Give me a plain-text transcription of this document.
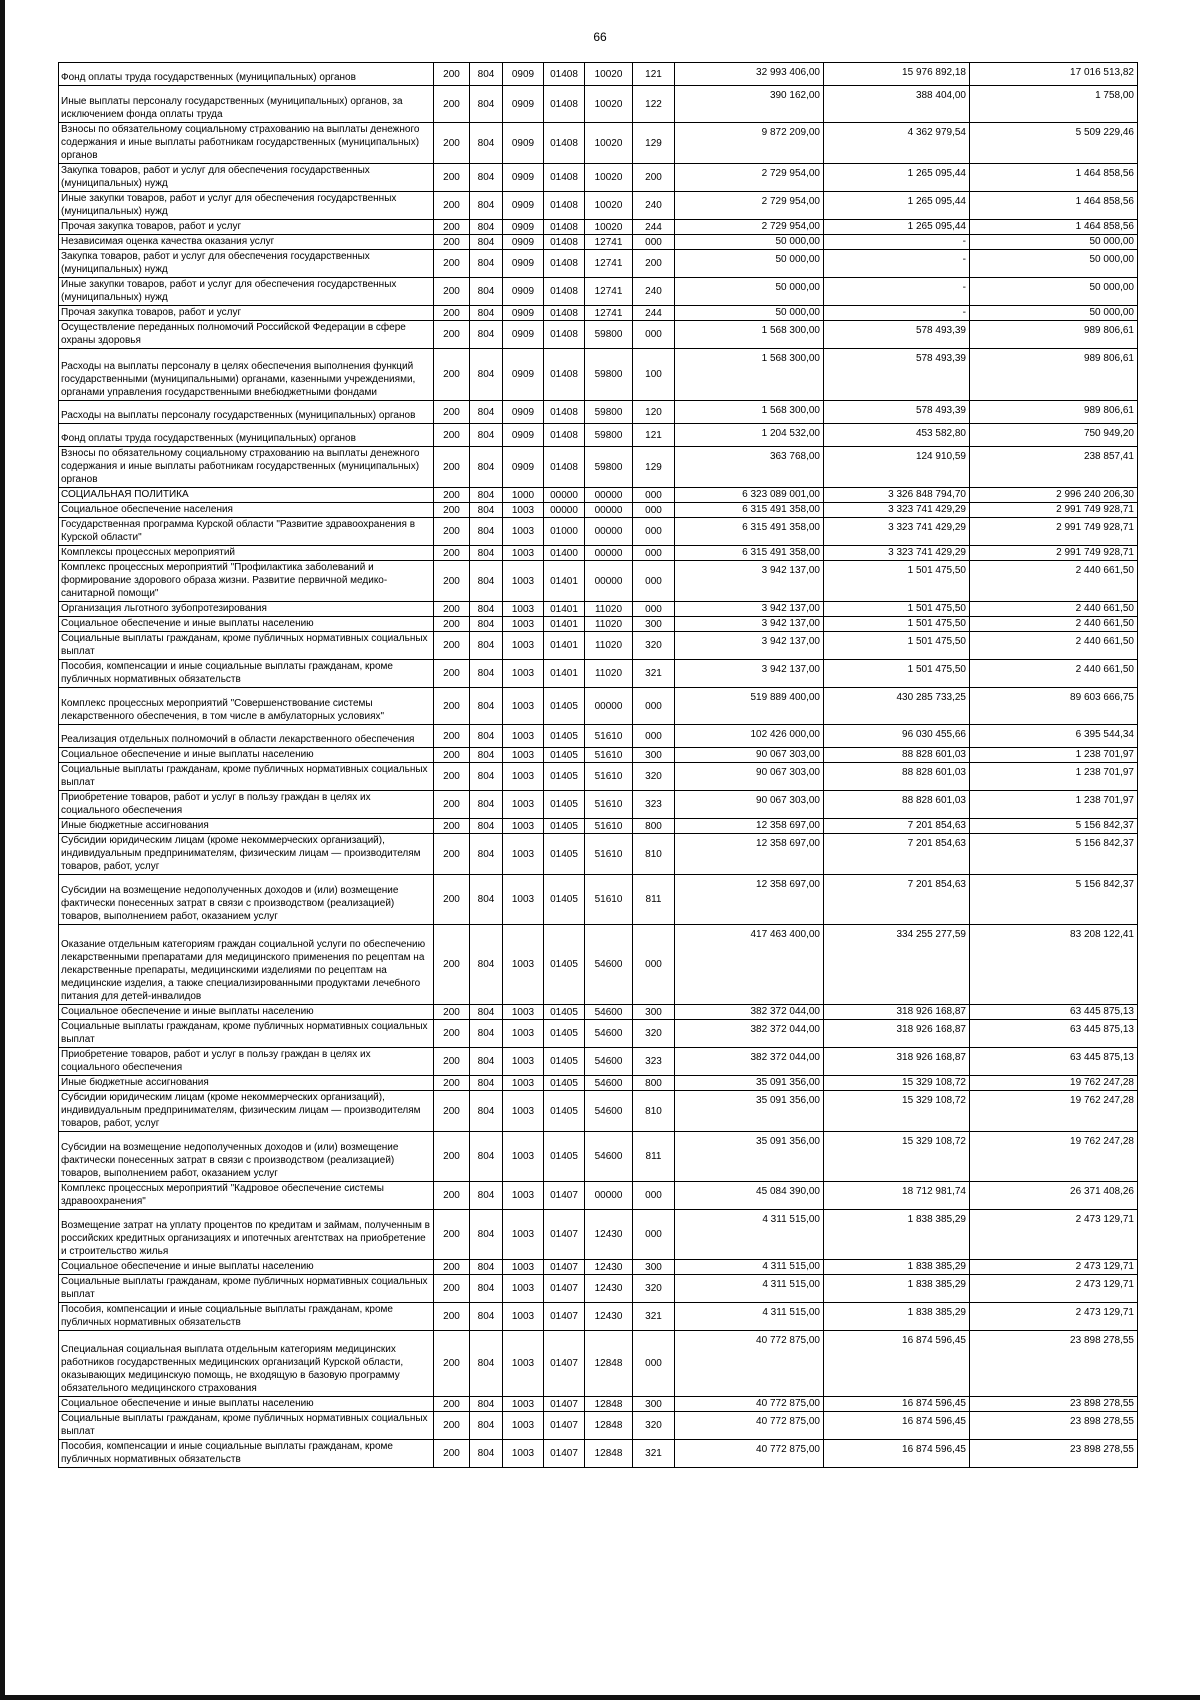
66
Фонд оплаты труда государственных (муниципальных) органов	200	804	0909	01408	10020	121	32 993 406,00	15 976 892,18	17 016 513,82
Иные выплаты персоналу государственных (муниципальных) органов, за исключением фонда оплаты труда	200	804	0909	01408	10020	122	390 162,00	388 404,00	1 758,00
Взносы по обязательному социальному страхованию на выплаты денежного содержания и иные выплаты работникам государственных (муниципальных) органов	200	804	0909	01408	10020	129	9 872 209,00	4 362 979,54	5 509 229,46
Закупка товаров, работ и услуг для обеспечения государственных (муниципальных) нужд	200	804	0909	01408	10020	200	2 729 954,00	1 265 095,44	1 464 858,56
Иные закупки товаров, работ и услуг для обеспечения государственных (муниципальных) нужд	200	804	0909	01408	10020	240	2 729 954,00	1 265 095,44	1 464 858,56
Прочая закупка товаров, работ и услуг	200	804	0909	01408	10020	244	2 729 954,00	1 265 095,44	1 464 858,56
Независимая оценка качества оказания услуг	200	804	0909	01408	12741	000	50 000,00	-	50 000,00
Закупка товаров, работ и услуг для обеспечения государственных (муниципальных) нужд	200	804	0909	01408	12741	200	50 000,00	-	50 000,00
Иные закупки товаров, работ и услуг для обеспечения государственных (муниципальных) нужд	200	804	0909	01408	12741	240	50 000,00	-	50 000,00
Прочая закупка товаров, работ и услуг	200	804	0909	01408	12741	244	50 000,00	-	50 000,00
Осуществление переданных полномочий Российской Федерации в сфере охраны здоровья	200	804	0909	01408	59800	000	1 568 300,00	578 493,39	989 806,61
Расходы на выплаты персоналу в целях обеспечения выполнения функций государственными (муниципальными) органами, казенными учреждениями, органами управления государственными внебюджетными фондами	200	804	0909	01408	59800	100	1 568 300,00	578 493,39	989 806,61
Расходы на выплаты персоналу государственных (муниципальных) органов	200	804	0909	01408	59800	120	1 568 300,00	578 493,39	989 806,61
Фонд оплаты труда государственных (муниципальных) органов	200	804	0909	01408	59800	121	1 204 532,00	453 582,80	750 949,20
Взносы по обязательному социальному страхованию на выплаты денежного содержания и иные выплаты работникам государственных (муниципальных) органов	200	804	0909	01408	59800	129	363 768,00	124 910,59	238 857,41
СОЦИАЛЬНАЯ ПОЛИТИКА	200	804	1000	00000	00000	000	6 323 089 001,00	3 326 848 794,70	2 996 240 206,30
Социальное обеспечение населения	200	804	1003	00000	00000	000	6 315 491 358,00	3 323 741 429,29	2 991 749 928,71
Государственная программа Курской области "Развитие здравоохранения в Курской области"	200	804	1003	01000	00000	000	6 315 491 358,00	3 323 741 429,29	2 991 749 928,71
Комплексы процессных мероприятий	200	804	1003	01400	00000	000	6 315 491 358,00	3 323 741 429,29	2 991 749 928,71
Комплекс процессных мероприятий "Профилактика заболеваний и формирование здорового образа жизни. Развитие первичной медико-санитарной помощи"	200	804	1003	01401	00000	000	3 942 137,00	1 501 475,50	2 440 661,50
Организация льготного зубопротезирования	200	804	1003	01401	11020	000	3 942 137,00	1 501 475,50	2 440 661,50
Социальное обеспечение и иные выплаты населению	200	804	1003	01401	11020	300	3 942 137,00	1 501 475,50	2 440 661,50
Социальные выплаты гражданам, кроме публичных нормативных социальных выплат	200	804	1003	01401	11020	320	3 942 137,00	1 501 475,50	2 440 661,50
Пособия, компенсации и иные социальные выплаты гражданам, кроме публичных нормативных обязательств	200	804	1003	01401	11020	321	3 942 137,00	1 501 475,50	2 440 661,50
Комплекс процессных мероприятий "Совершенствование системы лекарственного обеспечения, в том числе в амбулаторных условиях"	200	804	1003	01405	00000	000	519 889 400,00	430 285 733,25	89 603 666,75
Реализация отдельных полномочий в области лекарственного обеспечения	200	804	1003	01405	51610	000	102 426 000,00	96 030 455,66	6 395 544,34
Социальное обеспечение и иные выплаты населению	200	804	1003	01405	51610	300	90 067 303,00	88 828 601,03	1 238 701,97
Социальные выплаты гражданам, кроме публичных нормативных социальных выплат	200	804	1003	01405	51610	320	90 067 303,00	88 828 601,03	1 238 701,97
Приобретение товаров, работ и услуг в пользу граждан в целях их социального обеспечения	200	804	1003	01405	51610	323	90 067 303,00	88 828 601,03	1 238 701,97
Иные бюджетные ассигнования	200	804	1003	01405	51610	800	12 358 697,00	7 201 854,63	5 156 842,37
Субсидии юридическим лицам (кроме некоммерческих организаций), индивидуальным предпринимателям, физическим лицам — производителям товаров, работ, услуг	200	804	1003	01405	51610	810	12 358 697,00	7 201 854,63	5 156 842,37
Субсидии на возмещение недополученных доходов и (или) возмещение фактически понесенных затрат в связи с производством (реализацией) товаров, выполнением работ, оказанием услуг	200	804	1003	01405	51610	811	12 358 697,00	7 201 854,63	5 156 842,37
Оказание отдельным категориям граждан социальной услуги по обеспечению лекарственными препаратами для медицинского применения по рецептам на лекарственные препараты, медицинскими изделиями по рецептам на медицинские изделия, а также специализированными продуктами лечебного питания для детей-инвалидов	200	804	1003	01405	54600	000	417 463 400,00	334 255 277,59	83 208 122,41
Социальное обеспечение и иные выплаты населению	200	804	1003	01405	54600	300	382 372 044,00	318 926 168,87	63 445 875,13
Социальные выплаты гражданам, кроме публичных нормативных социальных выплат	200	804	1003	01405	54600	320	382 372 044,00	318 926 168,87	63 445 875,13
Приобретение товаров, работ и услуг в пользу граждан в целях их социального обеспечения	200	804	1003	01405	54600	323	382 372 044,00	318 926 168,87	63 445 875,13
Иные бюджетные ассигнования	200	804	1003	01405	54600	800	35 091 356,00	15 329 108,72	19 762 247,28
Субсидии юридическим лицам (кроме некоммерческих организаций), индивидуальным предпринимателям, физическим лицам — производителям товаров, работ, услуг	200	804	1003	01405	54600	810	35 091 356,00	15 329 108,72	19 762 247,28
Субсидии на возмещение недополученных доходов и (или) возмещение фактически понесенных затрат в связи с производством (реализацией) товаров, выполнением работ, оказанием услуг	200	804	1003	01405	54600	811	35 091 356,00	15 329 108,72	19 762 247,28
Комплекс процессных мероприятий "Кадровое обеспечение системы здравоохранения"	200	804	1003	01407	00000	000	45 084 390,00	18 712 981,74	26 371 408,26
Возмещение затрат на уплату процентов по кредитам и займам, полученным в российских кредитных организациях и ипотечных агентствах на приобретение и строительство жилья	200	804	1003	01407	12430	000	4 311 515,00	1 838 385,29	2 473 129,71
Социальное обеспечение и иные выплаты населению	200	804	1003	01407	12430	300	4 311 515,00	1 838 385,29	2 473 129,71
Социальные выплаты гражданам, кроме публичных нормативных социальных выплат	200	804	1003	01407	12430	320	4 311 515,00	1 838 385,29	2 473 129,71
Пособия, компенсации и иные социальные выплаты гражданам, кроме публичных нормативных обязательств	200	804	1003	01407	12430	321	4 311 515,00	1 838 385,29	2 473 129,71
Специальная социальная выплата отдельным категориям медицинских работников государственных медицинских организаций Курской области, оказывающих медицинскую помощь, не входящую в базовую программу обязательного медицинского страхования	200	804	1003	01407	12848	000	40 772 875,00	16 874 596,45	23 898 278,55
Социальное обеспечение и иные выплаты населению	200	804	1003	01407	12848	300	40 772 875,00	16 874 596,45	23 898 278,55
Социальные выплаты гражданам, кроме публичных нормативных социальных выплат	200	804	1003	01407	12848	320	40 772 875,00	16 874 596,45	23 898 278,55
Пособия, компенсации и иные социальные выплаты гражданам, кроме публичных нормативных обязательств	200	804	1003	01407	12848	321	40 772 875,00	16 874 596,45	23 898 278,55
